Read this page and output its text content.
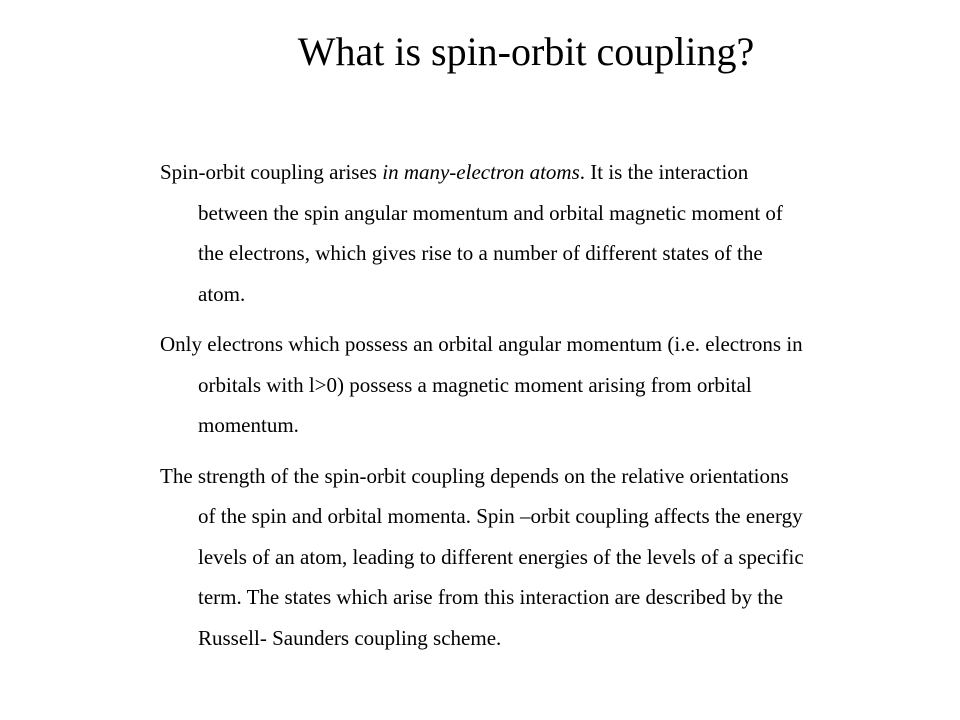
What is spin-orbit coupling?

Spin-orbit coupling arises in many-electron atoms. It is the interaction
between the spin angular momentum and orbital magnetic moment of
the electrons, which gives rise to a number of different states of the
atom.

Only electrons which possess an orbital angular momentum (i.e. electrons in
orbitals with l>0) possess a magnetic moment arising from orbital
momentum.

The strength of the spin-orbit coupling depends on the relative orientations
of the spin and orbital momenta. Spin –orbit coupling affects the energy
levels of an atom, leading to different energies of the levels of a specific
term. The states which arise from this interaction are described by the
Russell- Saunders coupling scheme.
